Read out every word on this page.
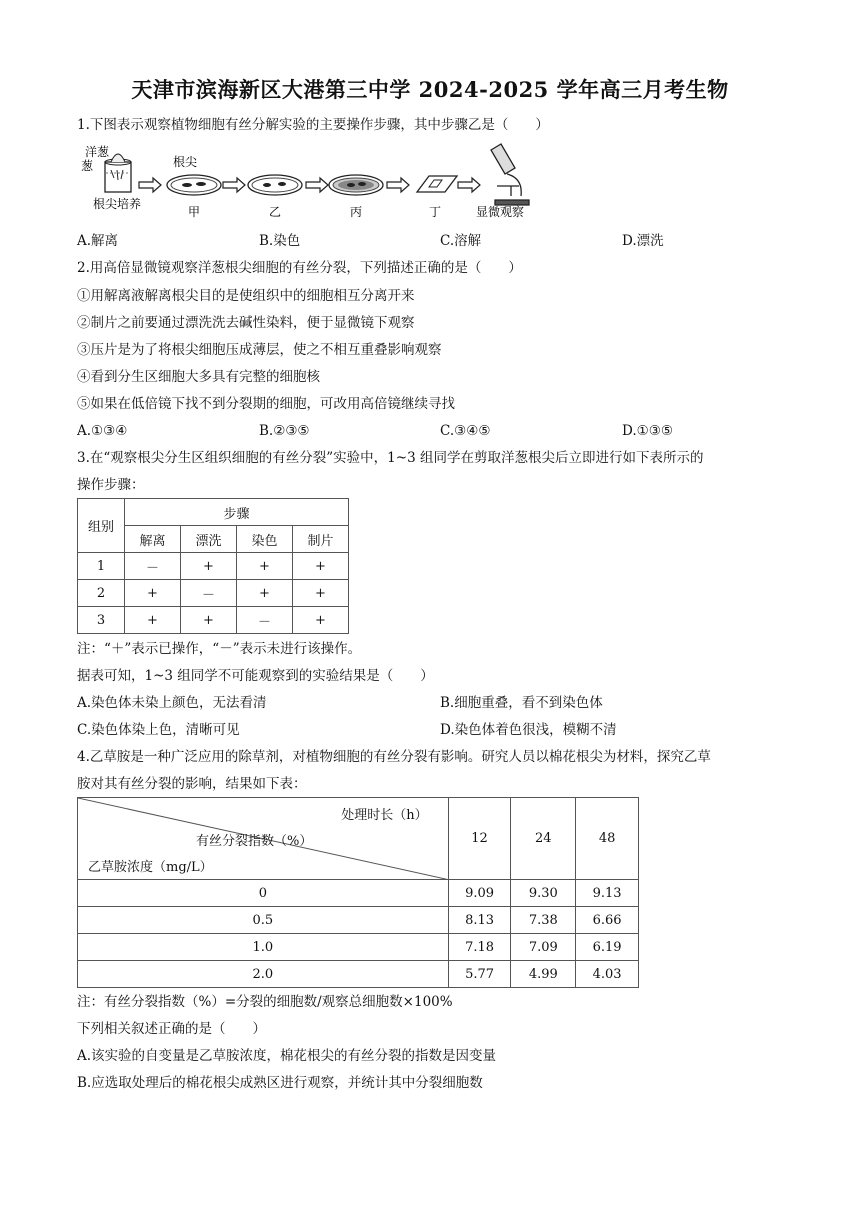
天津市滨海新区大港第三中学 2024-2025 学年高三月考生物
1.下图表示观察植物细胞有丝分解实验的主要操作步骤，其中步骤乙是（　　）
洋葱
葱
根尖培养
根尖
甲	乙	丙	丁	显微观察
A.解离	B.染色	C.溶解	D.漂洗
2.用高倍显微镜观察洋葱根尖细胞的有丝分裂，下列描述正确的是（　　）
①用解离液解离根尖目的是使组织中的细胞相互分离开来
②制片之前要通过漂洗洗去碱性染料，便于显微镜下观察
③压片是为了将根尖细胞压成薄层，使之不相互重叠影响观察
④看到分生区细胞大多具有完整的细胞核
⑤如果在低倍镜下找不到分裂期的细胞，可改用高倍镜继续寻找
A.①③④	B.②③⑤	C.③④⑤	D.①③⑤
3.在“观察根尖分生区组织细胞的有丝分裂”实验中，1~3 组同学在剪取洋葱根尖后立即进行如下表所示的
操作步骤：
组别	步骤			
	解离	漂洗	染色	制片
1	－	+	+	+
2	+	－	+	+
3	+	+	－	+
注：“＋”表示已操作，“－”表示未进行该操作。
据表可知，1~3 组同学不可能观察到的实验结果是（　　）
A.染色体未染上颜色，无法看清	B.细胞重叠，看不到染色体
C.染色体染上色，清晰可见	D.染色体着色很浅，模糊不清
4.乙草胺是一种广泛应用的除草剂，对植物细胞的有丝分裂有影响。研究人员以棉花根尖为材料，探究乙草
胺对其有丝分裂的影响，结果如下表：
处理时长（h）
有丝分裂指数（%）
乙草胺浓度（mg/L）	12	24	48
0	9.09	9.30	9.13
0.5	8.13	7.38	6.66
1.0	7.18	7.09	6.19
2.0	5.77	4.99	4.03
注：有丝分裂指数（%）=分裂的细胞数/观察总细胞数×100%
下列相关叙述正确的是（　　）
A.该实验的自变量是乙草胺浓度，棉花根尖的有丝分裂的指数是因变量
B.应选取处理后的棉花根尖成熟区进行观察，并统计其中分裂细胞数
